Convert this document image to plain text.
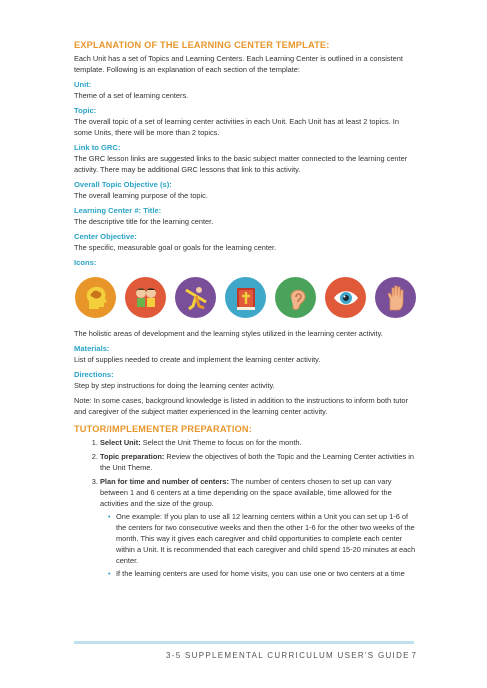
EXPLANATION OF THE LEARNING CENTER TEMPLATE:
Each Unit has a set of Topics and Learning Centers. Each Learning Center is outlined in a consistent template. Following is an explanation of each section of the template:
Unit:
Theme of a set of learning centers.
Topic:
The overall topic of a set of learning center activities in each Unit. Each Unit has at least 2 topics. In some Units, there will be more than 2 topics.
Link to GRC:
The GRC lesson links are suggested links to the basic subject matter connected to the learning center activity. There may be additional GRC lessons that link to this activity.
Overall Topic Objective (s):
The overall learning purpose of the topic.
Learning Center #: Title:
The descriptive title for the learning center.
Center Objective:
The specific, measurable goal or goals for the learning center.
Icons:
The holistic areas of development and the learning styles utilized in the learning center activity.
Materials:
List of supplies needed to create and implement the learning center activity.
Directions:
Step by step instructions for doing the learning center activity.
Note: In some cases, background knowledge is listed in addition to the instructions to inform both tutor and caregiver of the subject matter experienced in the learning center activity.
TUTOR/IMPLEMENTER PREPARATION:
1. Select Unit: Select the Unit Theme to focus on for the month.
2. Topic preparation: Review the objectives of both the Topic and the Learning Center activities in the Unit Theme.
3. Plan for time and number of centers: The number of centers chosen to set up can vary between 1 and 6 centers at a time depending on the space available, time allowed for the activities and the size of the group.
• One example: If you plan to use all 12 learning centers within a Unit you can set up 1-6 of the centers for two consecutive weeks and then the other 1-6 for the other two weeks of the month. This way it gives each caregiver and child opportunities to complete each center within a Unit. It is recommended that each caregiver and child spend 15-20 minutes at each center.
• If the learning centers are used for home visits, you can use one or two centers at a time
3-5 SUPPLEMENTAL CURRICULUM USER'S GUIDE 7
